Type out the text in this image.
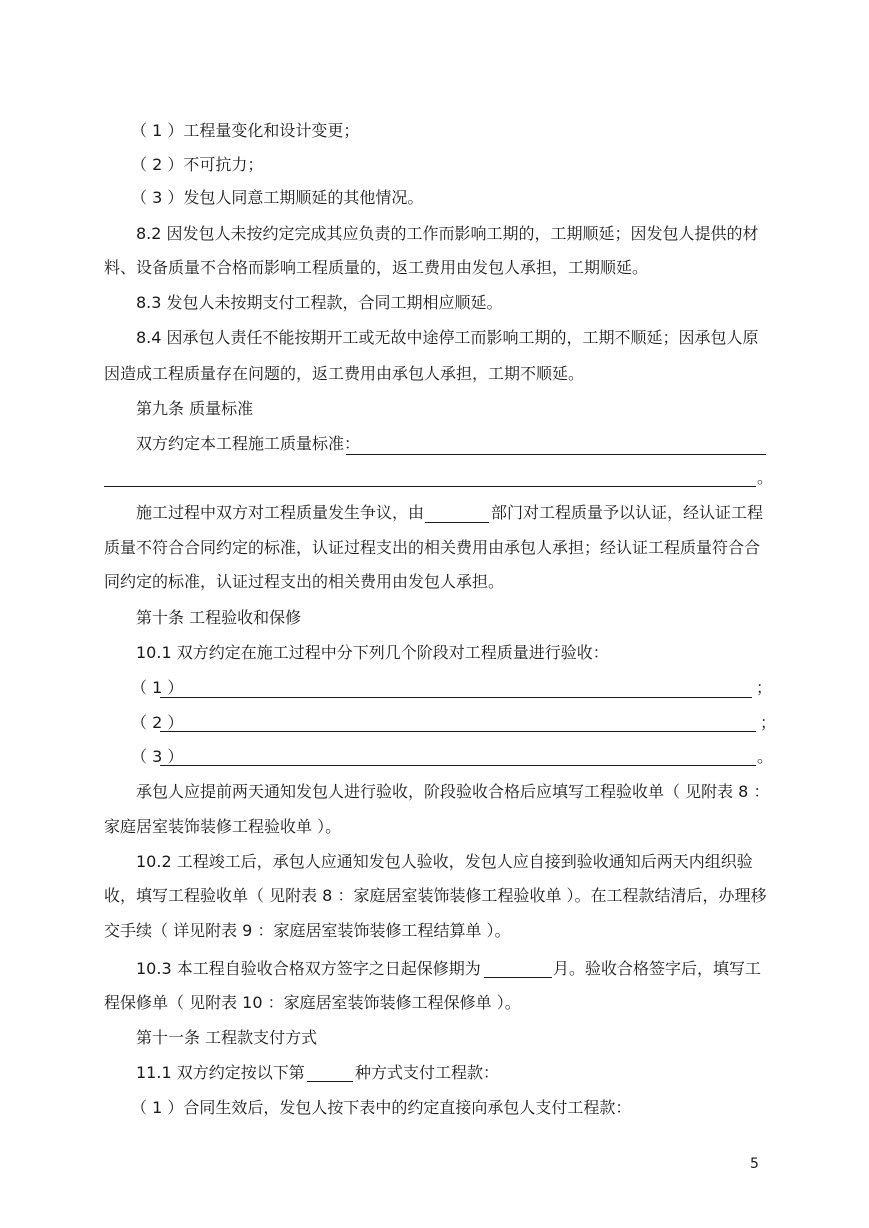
（ 1 ）工程量变化和设计变更；
（ 2 ）不可抗力；
（ 3 ）发包人同意工期顺延的其他情况。
8.2 因发包人未按约定完成其应负责的工作而影响工期的，工期顺延；因发包人提供的材
料、设备质量不合格而影响工程质量的，返工费用由发包人承担，工期顺延。
8.3 发包人未按期支付工程款，合同工期相应顺延。
8.4 因承包人责任不能按期开工或无故中途停工而影响工期的，工期不顺延；因承包人原
因造成工程质量存在问题的，返工费用由承包人承担，工期不顺延。
第九条 质量标准
双方约定本工程施工质量标准：
。
施工过程中双方对工程质量发生争议，由	部门对工程质量予以认证，经认证工程
质量不符合合同约定的标准，认证过程支出的相关费用由承包人承担；经认证工程质量符合合
同约定的标准，认证过程支出的相关费用由发包人承担。
第十条 工程验收和保修
10.1 双方约定在施工过程中分下列几个阶段对工程质量进行验收：
（ 1 ）	；
（ 2 ）	；
（ 3 ）	。
承包人应提前两天通知发包人进行验收，阶段验收合格后应填写工程验收单（ 见附表 8 ：
家庭居室装饰装修工程验收单 ）。
10.2 工程竣工后，承包人应通知发包人验收，发包人应自接到验收通知后两天内组织验
收，填写工程验收单（ 见附表 8 ：家庭居室装饰装修工程验收单 ）。在工程款结清后，办理移
交手续（ 详见附表 9 ：家庭居室装饰装修工程结算单 ）。
10.3 本工程自验收合格双方签字之日起保修期为	月。验收合格签字后，填写工
程保修单（ 见附表 10 ：家庭居室装饰装修工程保修单 ）。
第十一条 工程款支付方式
11.1 双方约定按以下第	种方式支付工程款：
（ 1 ）合同生效后，发包人按下表中的约定直接向承包人支付工程款：
5
